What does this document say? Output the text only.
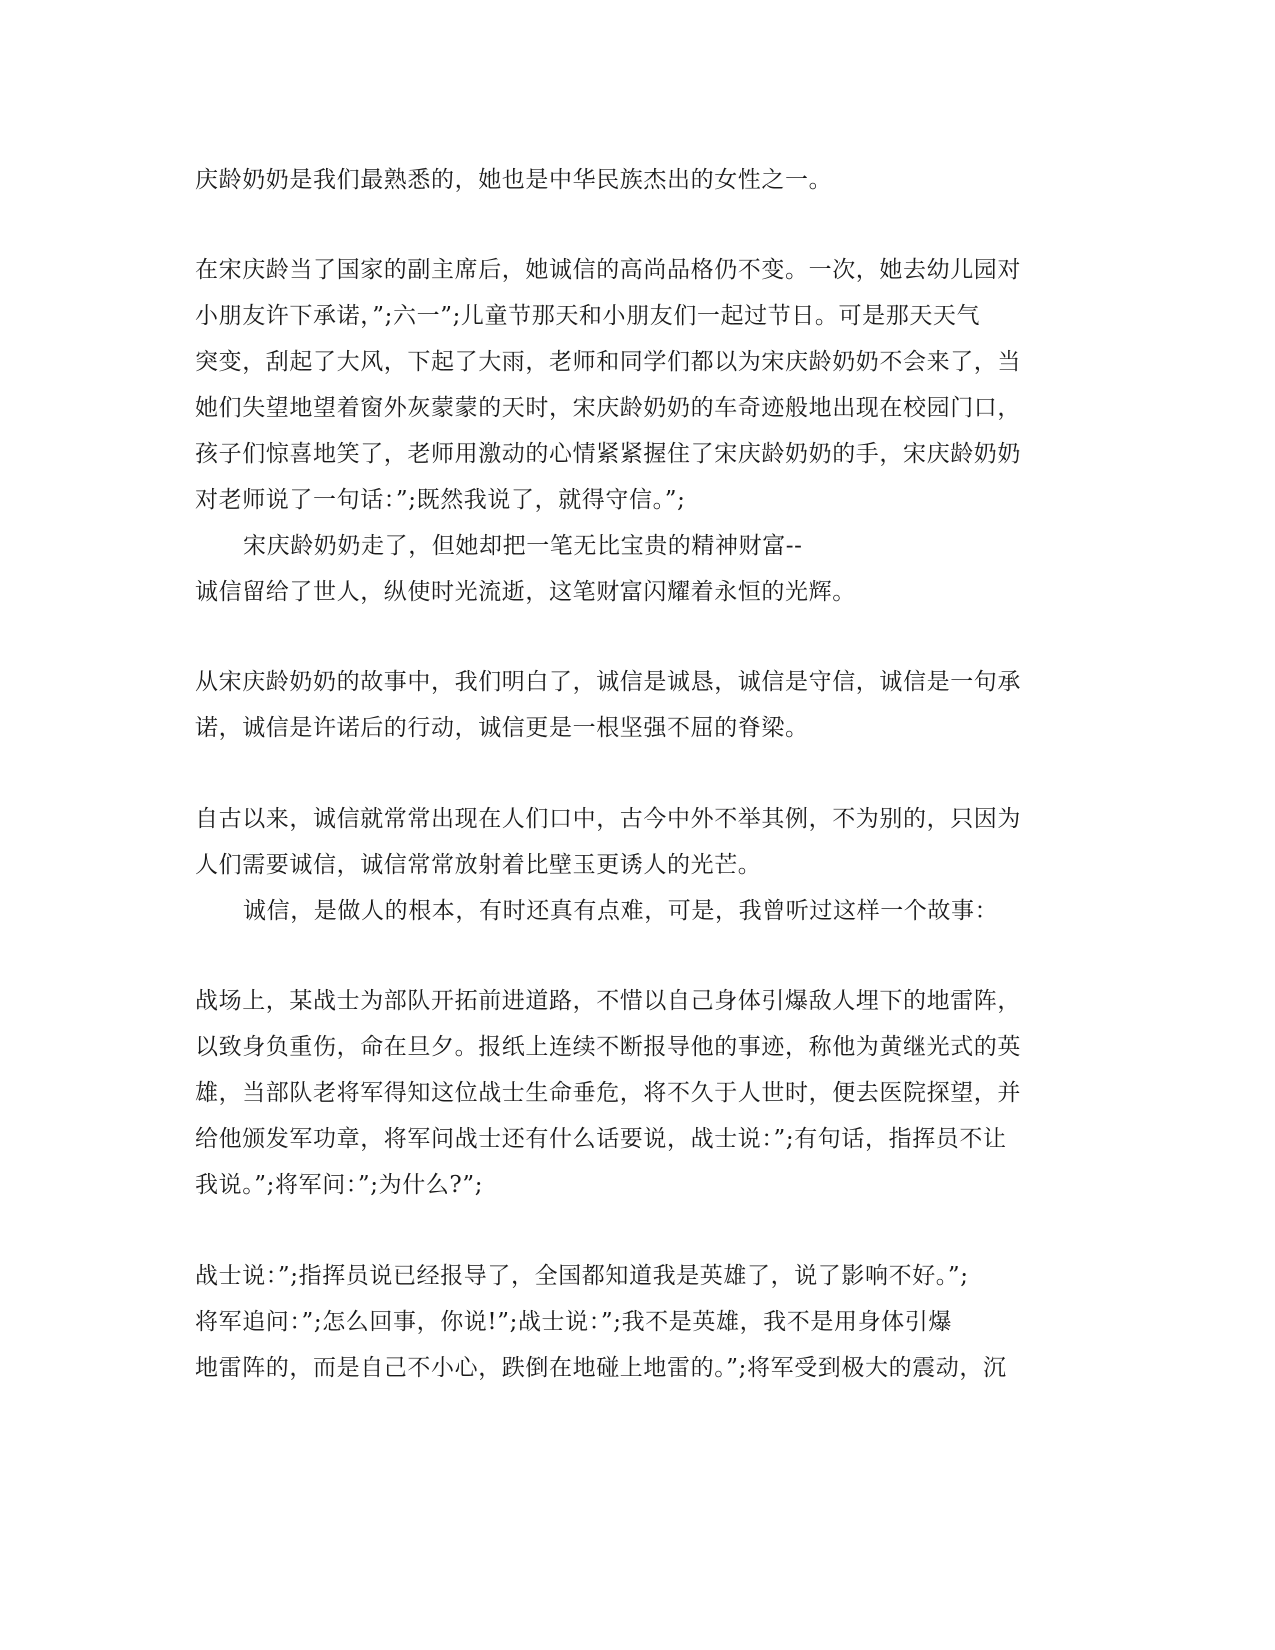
庆龄奶奶是我们最熟悉的，她也是中华民族杰出的女性之一。

在宋庆龄当了国家的副主席后，她诚信的高尚品格仍不变。一次，她去幼儿园对

小朋友许下承诺，”;六一”;儿童节那天和小朋友们一起过节日。可是那天天气

突变，刮起了大风，下起了大雨，老师和同学们都以为宋庆龄奶奶不会来了，当

她们失望地望着窗外灰蒙蒙的天时，宋庆龄奶奶的车奇迹般地出现在校园门口，

孩子们惊喜地笑了，老师用激动的心情紧紧握住了宋庆龄奶奶的手，宋庆龄奶奶

对老师说了一句话：”;既然我说了，就得守信。”;

宋庆龄奶奶走了，但她却把一笔无比宝贵的精神财富--

诚信留给了世人，纵使时光流逝，这笔财富闪耀着永恒的光辉。

从宋庆龄奶奶的故事中，我们明白了，诚信是诚恳，诚信是守信，诚信是一句承

诺，诚信是许诺后的行动，诚信更是一根坚强不屈的脊梁。

自古以来，诚信就常常出现在人们口中，古今中外不举其例，不为别的，只因为

人们需要诚信，诚信常常放射着比壁玉更诱人的光芒。

诚信，是做人的根本，有时还真有点难，可是，我曾听过这样一个故事：

战场上，某战士为部队开拓前进道路，不惜以自己身体引爆敌人埋下的地雷阵，

以致身负重伤，命在旦夕。报纸上连续不断报导他的事迹，称他为黄继光式的英

雄，当部队老将军得知这位战士生命垂危，将不久于人世时，便去医院探望，并

给他颁发军功章，将军问战士还有什么话要说，战士说：”;有句话，指挥员不让

我说。”;将军问：”;为什么?”;

战士说：”;指挥员说已经报导了，全国都知道我是英雄了，说了影响不好。”;

将军追问：”;怎么回事，你说!”;战士说：”;我不是英雄，我不是用身体引爆

地雷阵的，而是自己不小心，跌倒在地碰上地雷的。”;将军受到极大的震动，沉
